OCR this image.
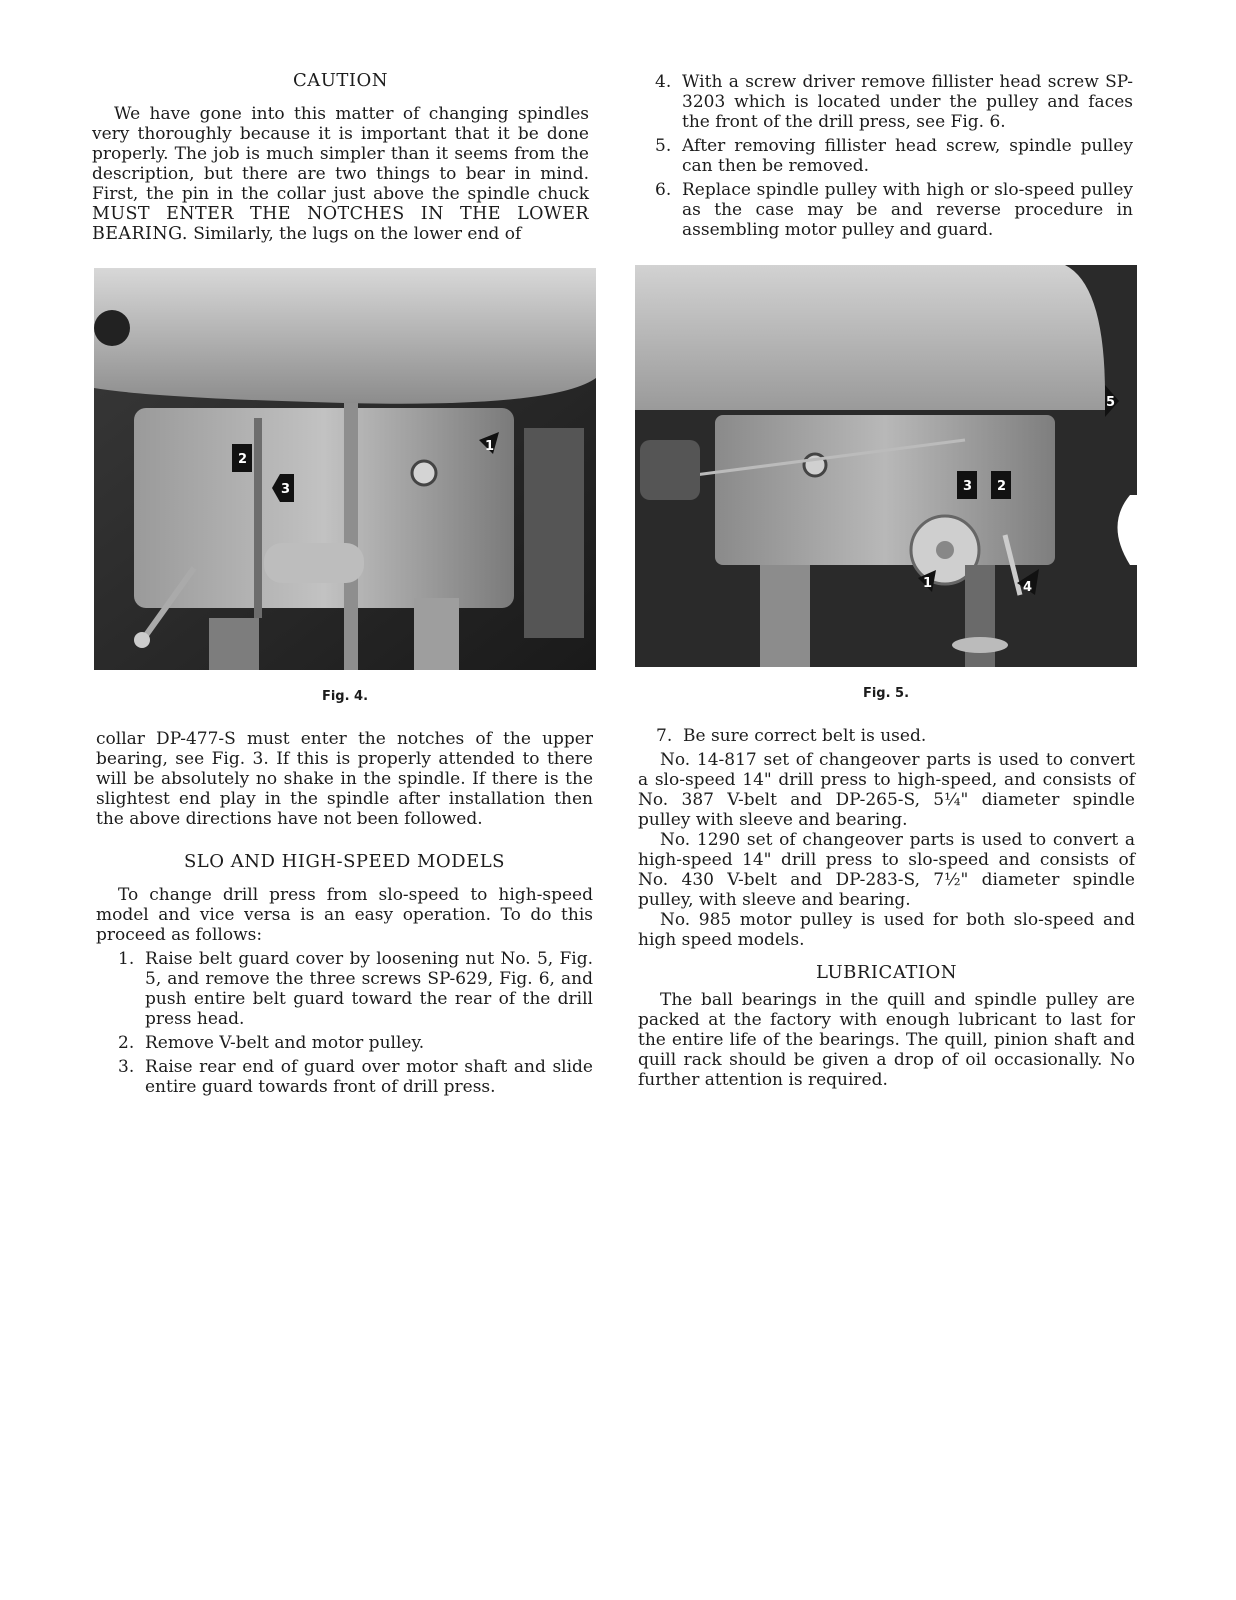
CAUTION

We have gone into this matter of changing spindles very thoroughly because it is important that it be done properly. The job is much simpler than it seems from the description, but there are two things to bear in mind. First, the pin in the collar just above the spindle chuck MUST ENTER THE NOTCHES IN THE LOWER BEARING. Similarly, the lugs on the lower end of

4. With a screw driver remove fillister head screw SP-3203 which is located under the pulley and faces the front of the drill press, see Fig. 6.
5. After removing fillister head screw, spindle pulley can then be removed.
6. Replace spindle pulley with high or slo-speed pulley as the case may be and reverse procedure in assembling motor pulley and guard.
1
2
3
1
2
3
4
5

Fig. 4.	Fig. 5.

collar DP-477-S must enter the notches of the upper bearing, see Fig. 3. If this is properly attended to there will be absolutely no shake in the spindle. If there is the slightest end play in the spindle after installation then the above directions have not been followed.

SLO AND HIGH-SPEED MODELS

To change drill press from slo-speed to high-speed model and vice versa is an easy operation. To do this proceed as follows:

1. Raise belt guard cover by loosening nut No. 5, Fig. 5, and remove the three screws SP-629, Fig. 6, and push entire belt guard toward the rear of the drill press head.
2. Remove V-belt and motor pulley.
3. Raise rear end of guard over motor shaft and slide entire guard towards front of drill press.
7. Be sure correct belt is used.

No. 14-817 set of changeover parts is used to convert a slo-speed 14" drill press to high-speed, and consists of No. 387 V-belt and DP-265-S, 5¼" diameter spindle pulley with sleeve and bearing.

No. 1290 set of changeover parts is used to convert a high-speed 14" drill press to slo-speed and consists of No. 430 V-belt and DP-283-S, 7½" diameter spindle pulley, with sleeve and bearing.

No. 985 motor pulley is used for both slo-speed and high speed models.

LUBRICATION

The ball bearings in the quill and spindle pulley are packed at the factory with enough lubricant to last for the entire life of the bearings. The quill, pinion shaft and quill rack should be given a drop of oil occasionally. No further attention is required.
